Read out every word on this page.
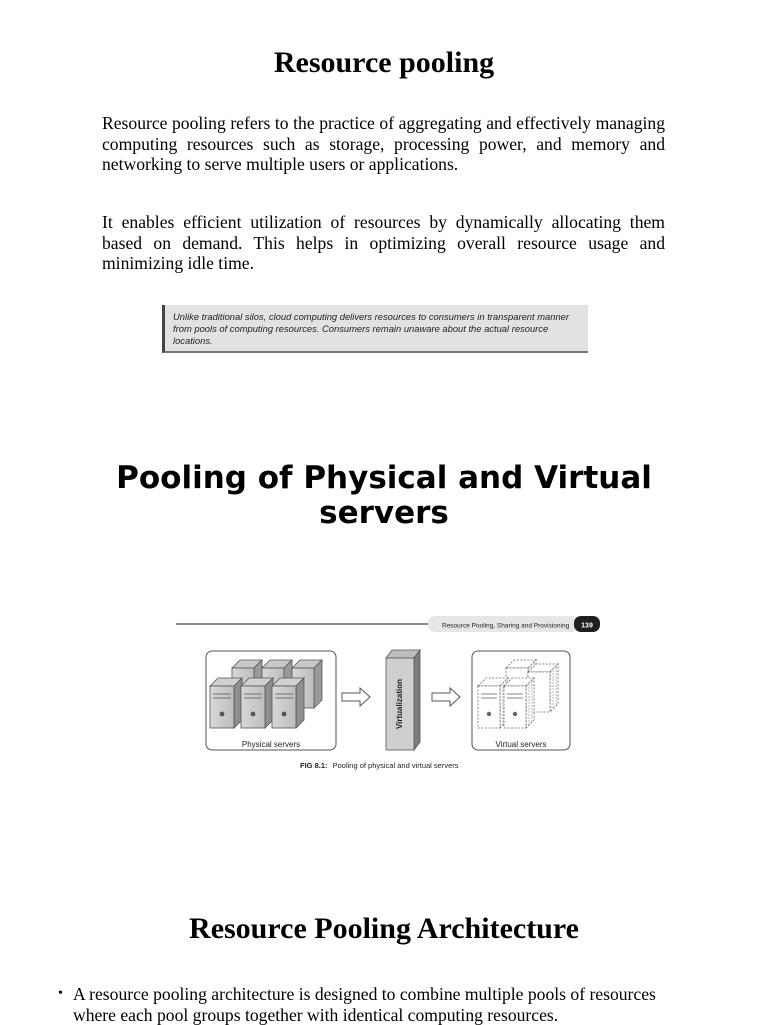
Resource pooling
Resource pooling refers to the practice of aggregating and effectively managing computing resources such as storage, processing power, and memory and networking to serve multiple users or applications.
It enables efficient utilization of resources by dynamically allocating them based on demand. This helps in optimizing overall resource usage and minimizing idle time.
Unlike traditional silos, cloud computing delivers resources to consumers in transparent manner from pools of computing resources. Consumers remain unaware about the actual resource locations.
Pooling of Physical and Virtual servers
Resource Pooling, Sharing and Provisioning 139
Physical servers
Virtualization
Virtual servers
FIG 8.1: Pooling of physical and virtual servers
Resource Pooling Architecture
• A resource pooling architecture is designed to combine multiple pools of resources where each pool groups together with identical computing resources.
